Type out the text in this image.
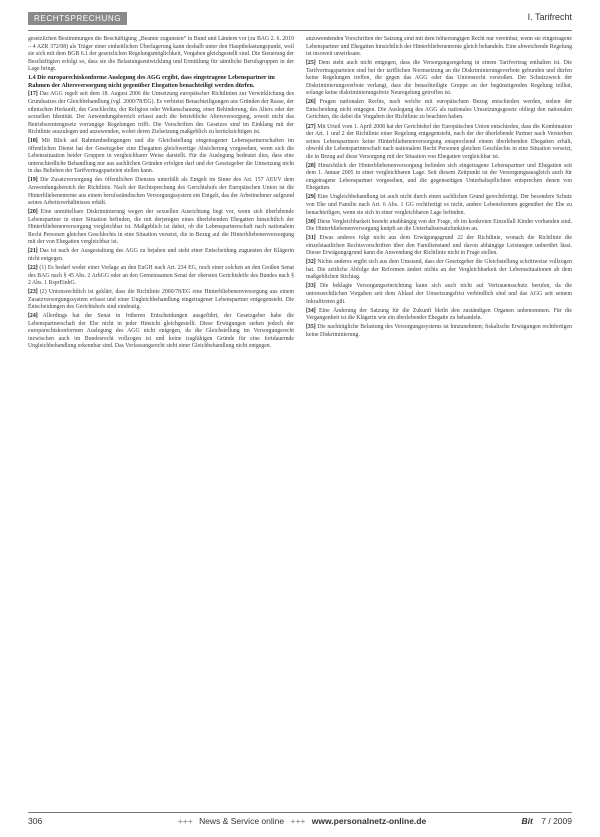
RECHTSPRECHUNG	I. Tarifrecht

gesetzlichen Bestimmungen die Beschäftigung „Beamte zugunsten“ in Bund und Ländern vor (zu BAG 2. 6. 2010 – 4 AZR 372/08) als Träger einer einheitlichen Überlagerung kann deshalb unter den Hauptbelastungspunkt, weil sie sich mit dem BGB 6.1 der gesetzlichen Regelungsmöglichkeit, Vorgaben gleichgestellt sind. Die Steuerung der Beschäftigten erfolgt so, dass sie die Belastungsentwicklung und Ermittlung für sämtliche Berufsgruppen in der Lage bringt.

1.4 Die europarechtskonforme Auslegung des AGG ergibt, dass eingetragene Lebenspartner im Rahmen der Altersversorgung nicht gegenüber Ehegatten benachteiligt werden dürfen.

[17] Das AGG regelt seit dem 18. August 2006 die Umsetzung europäischer Richtlinien zur Verwirklichung des Grundsatzes der Gleichbehandlung (vgl. 2000/78/EG). Es verbietet Benachteiligungen aus Gründen der Rasse, der ethnischen Herkunft, des Geschlechts, der Religion oder Weltanschauung, einer Behinderung, des Alters oder der sexuellen Identität. Der Anwendungsbereich erfasst auch die betriebliche Altersversorgung, soweit nicht das Betriebsrentengesetz vorrangige Regelungen trifft. Die Vorschriften des Gesetzes sind im Einklang mit der Richtlinie auszulegen und anzuwenden, wobei deren Zielsetzung maßgeblich zu berücksichtigen ist.

[18] Mit Blick auf Rahmenbedingungen und die Gleichstellung eingetragener Lebenspartnerschaften im öffentlichen Dienst hat der Gesetzgeber eine Ehegatten gleichwertige Absicherung vorgesehen, wenn sich die Lebenssituation beider Gruppen in vergleichbarer Weise darstellt. Für die Auslegung bedeutet dies, dass eine unterschiedliche Behandlung nur aus sachlichen Gründen erfolgen darf und der Gesetzgeber die Umsetzung nicht in das Belieben der Tarifvertragsparteien stellen kann.

[19] Die Zusatzversorgung des öffentlichen Dienstes unterfällt als Entgelt im Sinne des Art. 157 AEUV dem Anwendungsbereich der Richtlinie. Nach der Rechtsprechung des Gerichtshofs der Europäischen Union ist die Hinterbliebenenrente aus einem berufsständischen Versorgungssystem ein Entgelt, das der Arbeitnehmer aufgrund seines Arbeitsverhältnisses erhält.

[20] Eine unmittelbare Diskriminierung wegen der sexuellen Ausrichtung liegt vor, wenn sich überlebende Lebenspartner in einer Situation befinden, die mit derjenigen eines überlebenden Ehegatten hinsichtlich der Hinterbliebenenversorgung vergleichbar ist. Maßgeblich ist dabei, ob die Lebenspartnerschaft nach nationalem Recht Personen gleichen Geschlechts in eine Situation versetzt, die in Bezug auf die Hinterbliebenenversorgung mit der von Ehegatten vergleichbar ist.

[21] Das ist nach der Ausgestaltung des AGG zu bejahen und steht einer Entscheidung zugunsten der Klägerin nicht entgegen.

[22] (1) Es bedarf weder einer Vorlage an den EuGH nach Art. 234 EG, noch einer solchen an den Großen Senat des BAG nach § 45 Abs. 2 ArbGG oder an den Gemeinsamen Senat der obersten Gerichtshöfe des Bundes nach § 2 Abs. 1 RsprEinhG.

[23] (2) Unionsrechtlich ist geklärt, dass die Richtlinie 2000/78/EG eine Hinterbliebenenversorgung aus einem Zusatzversorgungssystem erfasst und einer Ungleichbehandlung eingetragener Lebenspartner entgegensteht. Die Entscheidungen des Gerichtshofs sind eindeutig.

[24] Allerdings hat der Senat in früheren Entscheidungen ausgeführt, der Gesetzgeber habe die Lebenspartnerschaft der Ehe nicht in jeder Hinsicht gleichgestellt. Diese Erwägungen stehen jedoch der europarechtskonformen Auslegung des AGG nicht entgegen, da die Gleichstellung im Versorgungsrecht inzwischen auch im Bundesrecht vollzogen ist und keine tragfähigen Gründe für eine fortdauernde Ungleichbehandlung erkennbar sind. Das Verfassungsrecht steht einer Gleichbehandlung nicht entgegen.

anzuwendenden Vorschriften der Satzung sind mit dem höherrangigen Recht nur vereinbar, wenn sie eingetragene Lebenspartner und Ehegatten hinsichtlich der Hinterbliebenenrente gleich behandeln. Eine abweichende Regelung ist insoweit unwirksam.

[25] Dem steht auch nicht entgegen, dass die Versorgungsregelung in einem Tarifvertrag enthalten ist. Die Tarifvertragsparteien sind bei der tariflichen Normsetzung an die Diskriminierungsverbote gebunden und dürfen keine Regelungen treffen, die gegen das AGG oder das Unionsrecht verstoßen. Der Schutzzweck der Diskriminierungsverbote verlangt, dass die benachteiligte Gruppe an der begünstigenden Regelung teilhat, solange keine diskriminierungsfreie Neuregelung getroffen ist.

[26] Fragen nationalen Rechts, nach welche mit europäischem Bezug entschieden werden, stehen der Entscheidung nicht entgegen. Die Auslegung des AGG als nationales Umsetzungsgesetz obliegt den nationalen Gerichten, die dabei die Vorgaben der Richtlinie zu beachten haben.

[27] Mit Urteil vom 1. April 2008 hat der Gerichtshof der Europäischen Union entschieden, dass die Kombination der Art. 1 und 2 der Richtlinie einer Regelung entgegensteht, nach der der überlebende Partner nach Versterben seines Lebenspartners keine Hinterbliebenenversorgung entsprechend einem überlebenden Ehegatten erhält, obwohl die Lebenspartnerschaft nach nationalem Recht Personen gleichen Geschlechts in eine Situation versetzt, die in Bezug auf diese Versorgung mit der Situation von Ehegatten vergleichbar ist.

[28] Hinsichtlich der Hinterbliebenenversorgung befinden sich eingetragene Lebenspartner und Ehegatten seit dem 1. Januar 2005 in einer vergleichbaren Lage. Seit diesem Zeitpunkt ist der Versorgungsausgleich auch für eingetragene Lebenspartner vorgesehen, und die gegenseitigen Unterhaltspflichten entsprechen denen von Ehegatten.

[29] Eine Ungleichbehandlung ist auch nicht durch einen sachlichen Grund gerechtfertigt. Der besondere Schutz von Ehe und Familie nach Art. 6 Abs. 1 GG rechtfertigt es nicht, andere Lebensformen gegenüber der Ehe zu benachteiligen, wenn sie sich in einer vergleichbaren Lage befinden.

[30] Diese Vergleichbarkeit besteht unabhängig von der Frage, ob im konkreten Einzelfall Kinder vorhanden sind. Die Hinterbliebenenversorgung knüpft an die Unterhaltsersatzfunktion an.

[31] Etwas anderes folgt nicht aus dem Erwägungsgrund 22 der Richtlinie, wonach die Richtlinie die einzelstaatlichen Rechtsvorschriften über den Familienstand und davon abhängige Leistungen unberührt lässt. Dieser Erwägungsgrund kann die Anwendung der Richtlinie nicht in Frage stellen.

[32] Nichts anderes ergibt sich aus dem Umstand, dass der Gesetzgeber die Gleichstellung schrittweise vollzogen hat. Die zeitliche Abfolge der Reformen ändert nichts an der Vergleichbarkeit der Lebenssituationen ab dem maßgeblichen Stichtag.

[33] Die beklagte Versorgungseinrichtung kann sich auch nicht auf Vertrauensschutz berufen, da die unionsrechtlichen Vorgaben seit dem Ablauf der Umsetzungsfrist verbindlich sind und das AGG seit seinem Inkrafttreten gilt.

[34] Eine Änderung der Satzung für die Zukunft bleibt den zuständigen Organen unbenommen. Für die Vergangenheit ist die Klägerin wie ein überlebender Ehegatte zu behandeln.

[35] Die nachträgliche Belastung des Versorgungssystems ist hinzunehmen; fiskalische Erwägungen rechtfertigen keine Diskriminierung.

306	+++ News & Service online +++ www.personalnetz-online.de	Bit 7 / 2009
